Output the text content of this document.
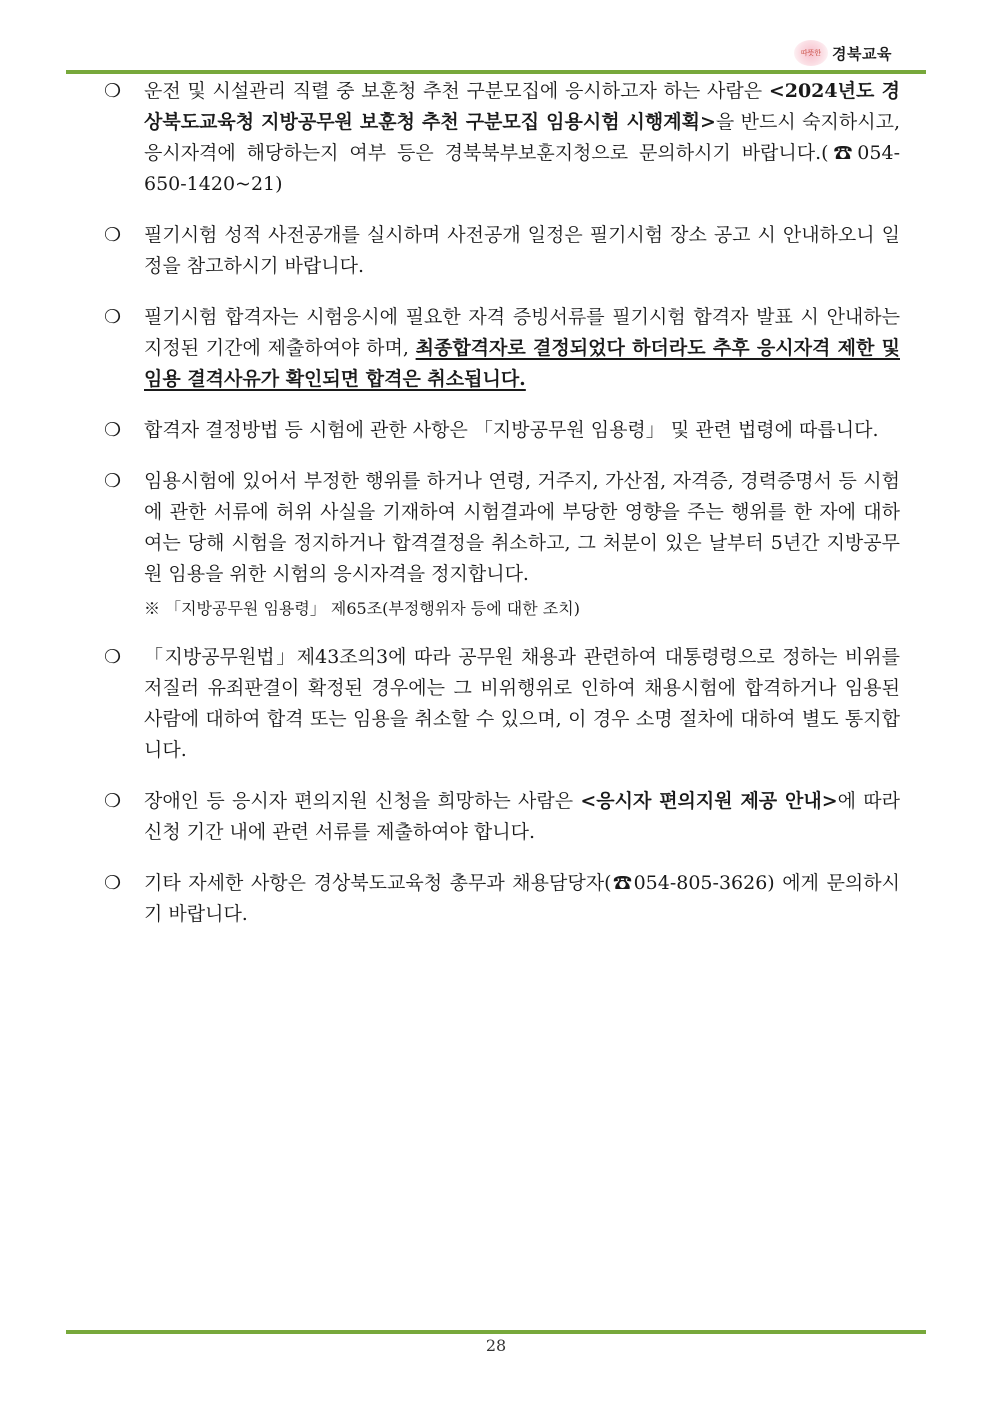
따뜻한 경북교육
❍ 운전 및 시설관리 직렬 중 보훈청 추천 구분모집에 응시하고자 하는 사람은 <2024년도 경상북도교육청 지방공무원 보훈청 추천 구분모집 임용시험 시행계획>을 반드시 숙지하시고, 응시자격에 해당하는지 여부 등은 경북북부보훈지청으로 문의하시기 바랍니다.(☎054-650-1420~21)
❍ 필기시험 성적 사전공개를 실시하며 사전공개 일정은 필기시험 장소 공고 시 안내하오니 일정을 참고하시기 바랍니다.
❍ 필기시험 합격자는 시험응시에 필요한 자격 증빙서류를 필기시험 합격자 발표 시 안내하는 지정된 기간에 제출하여야 하며, 최종합격자로 결정되었다 하더라도 추후 응시자격 제한 및 임용 결격사유가 확인되면 합격은 취소됩니다.
❍ 합격자 결정방법 등 시험에 관한 사항은 「지방공무원 임용령」 및 관련 법령에 따릅니다.
❍ 임용시험에 있어서 부정한 행위를 하거나 연령, 거주지, 가산점, 자격증, 경력증명서 등 시험에 관한 서류에 허위 사실을 기재하여 시험결과에 부당한 영향을 주는 행위를 한 자에 대하여는 당해 시험을 정지하거나 합격결정을 취소하고, 그 처분이 있은 날부터 5년간 지방공무원 임용을 위한 시험의 응시자격을 정지합니다.
※ 「지방공무원 임용령」 제65조(부정행위자 등에 대한 조치)
❍ 「지방공무원법」제43조의3에 따라 공무원 채용과 관련하여 대통령령으로 정하는 비위를 저질러 유죄판결이 확정된 경우에는 그 비위행위로 인하여 채용시험에 합격하거나 임용된 사람에 대하여 합격 또는 임용을 취소할 수 있으며, 이 경우 소명 절차에 대하여 별도 통지합니다.
❍ 장애인 등 응시자 편의지원 신청을 희망하는 사람은 <응시자 편의지원 제공 안내>에 따라 신청 기간 내에 관련 서류를 제출하여야 합니다.
❍ 기타 자세한 사항은 경상북도교육청 총무과 채용담당자(☎054-805-3626) 에게 문의하시기 바랍니다.
28
